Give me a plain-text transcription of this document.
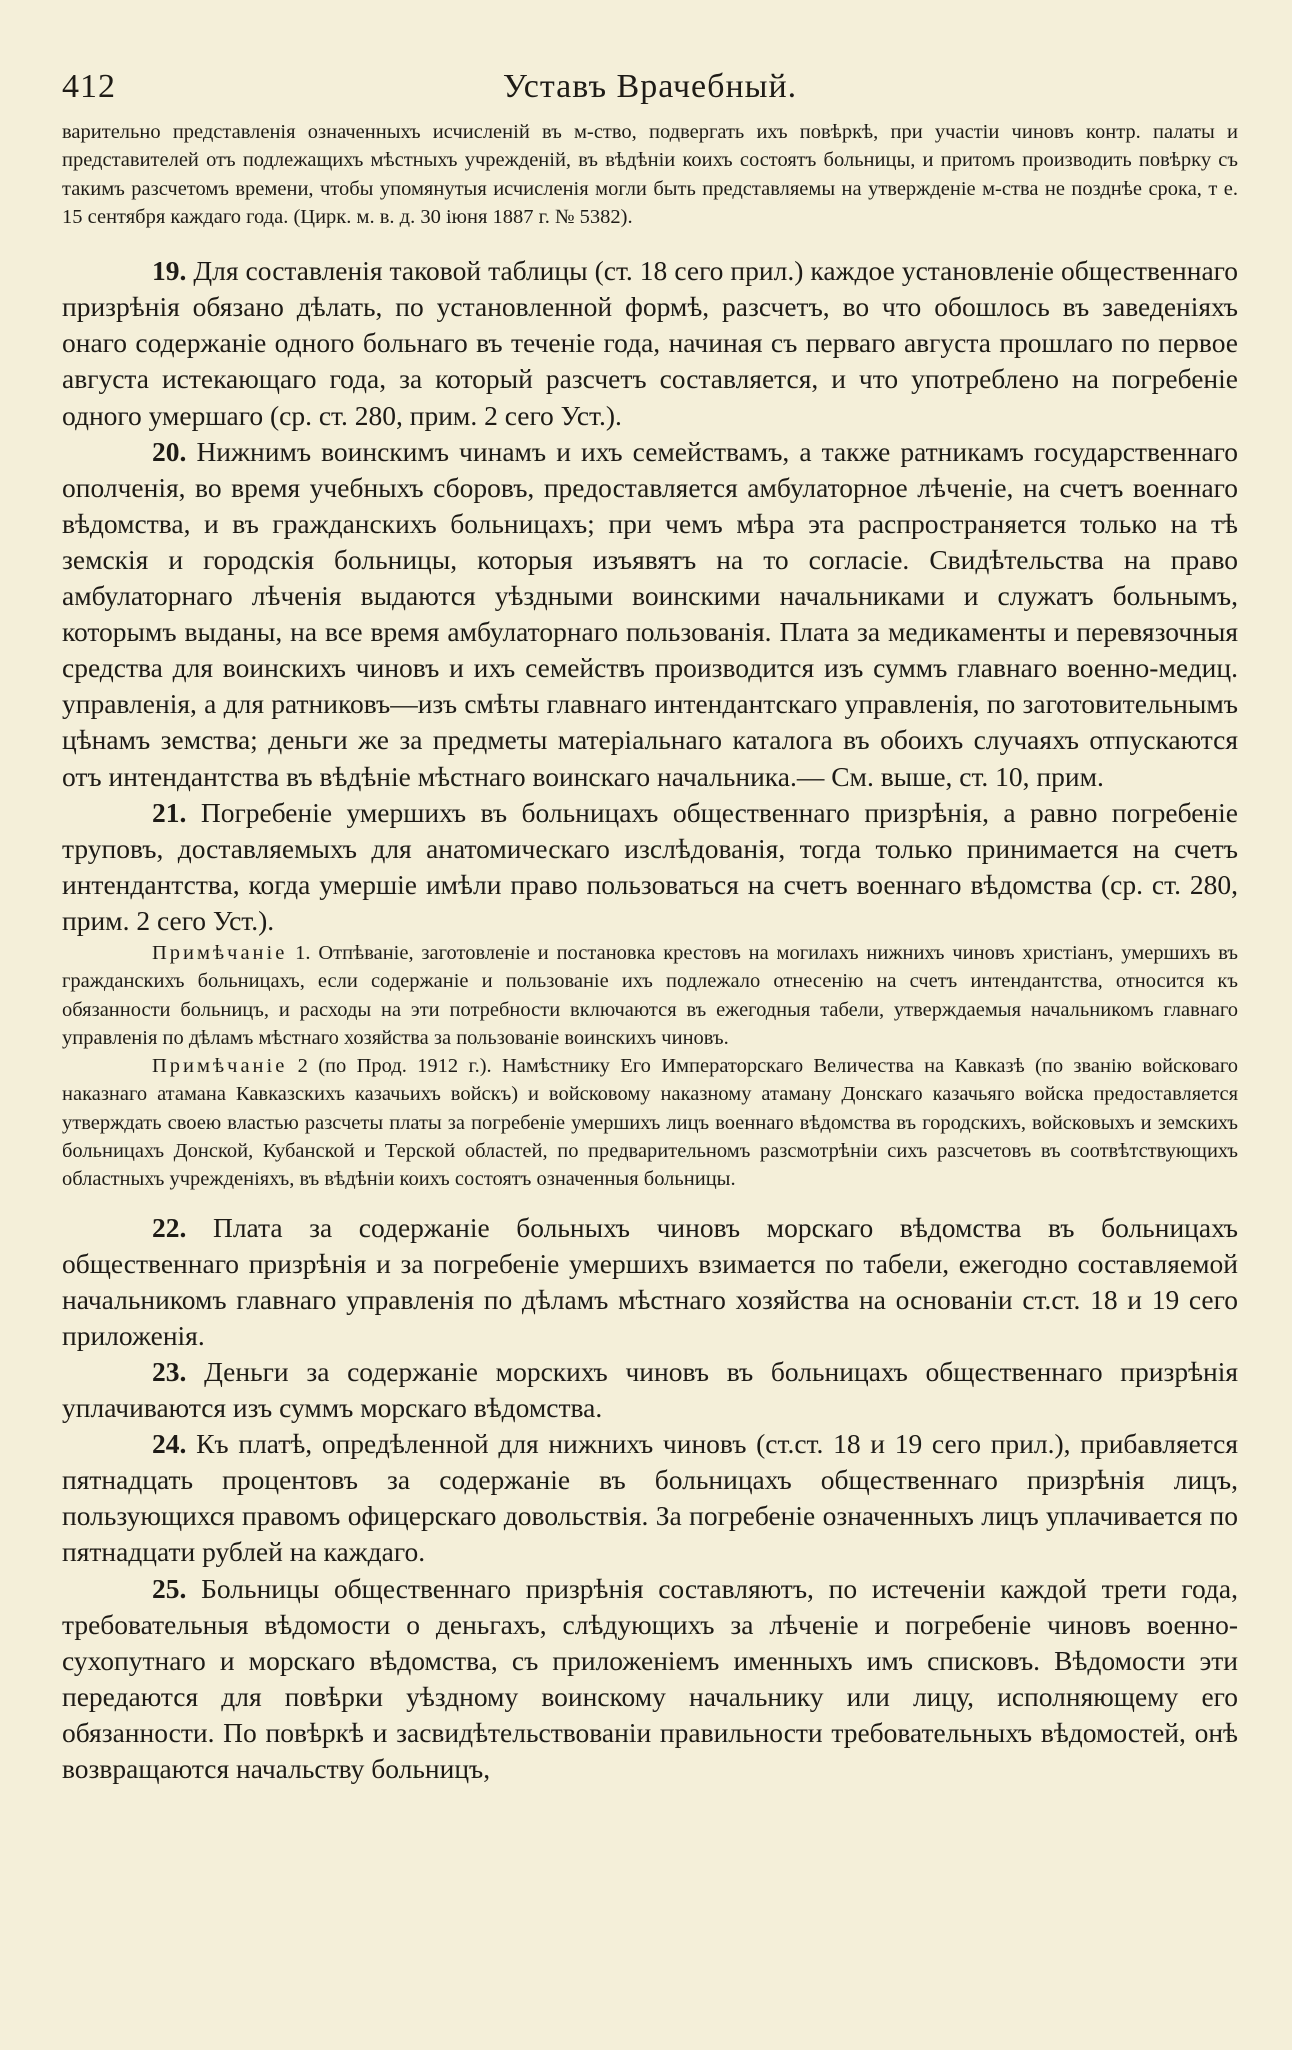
412	Уставъ Врачебный.

варительно представленія означенныхъ исчисленій въ м-ство, подвергать ихъ повѣркѣ, при участіи чиновъ контр. палаты и представителей отъ подлежащихъ мѣстныхъ учрежденій, въ вѣдѣніи коихъ состоятъ больницы, и притомъ производить повѣрку съ такимъ разсчетомъ времени, чтобы упомянутыя исчисленія могли быть представляемы на утвержденіе м-ства не позднѣе срока, т е. 15 сентября каждаго года. (Цирк. м. в. д. 30 іюня 1887 г. № 5382).

19. Для составленія таковой таблицы (ст. 18 сего прил.) каждое установленіе общественнаго призрѣнія обязано дѣлать, по установленной формѣ, разсчетъ, во что обошлось въ заведеніяхъ онаго содержаніе одного больнаго въ теченіе года, начиная съ перваго августа прошлаго по первое августа истекающаго года, за который разсчетъ составляется, и что употреблено на погребеніе одного умершаго (ср. ст. 280, прим. 2 сего Уст.).

20. Нижнимъ воинскимъ чинамъ и ихъ семействамъ, а также ратникамъ государственнаго ополченія, во время учебныхъ сборовъ, предоставляется амбулаторное лѣченіе, на счетъ военнаго вѣдомства, и въ гражданскихъ больницахъ; при чемъ мѣра эта распространяется только на тѣ земскія и городскія больницы, которыя изъявятъ на то согласіе. Свидѣтельства на право амбулаторнаго лѣченія выдаются уѣздными воинскими начальниками и служатъ больнымъ, которымъ выданы, на все время амбулаторнаго пользованія. Плата за медикаменты и перевязочныя средства для воинскихъ чиновъ и ихъ семействъ производится изъ суммъ главнаго военно-медиц. управленія, а для ратниковъ—изъ смѣты главнаго интендантскаго управленія, по заготовительнымъ цѣнамъ земства; деньги же за предметы матеріальнаго каталога въ обоихъ случаяхъ отпускаются отъ интендантства въ вѣдѣніе мѣстнаго воинскаго начальника.— См. выше, ст. 10, прим.

21. Погребеніе умершихъ въ больницахъ общественнаго призрѣнія, а равно погребеніе труповъ, доставляемыхъ для анатомическаго изслѣдованія, тогда только принимается на счетъ интендантства, когда умершіе имѣли право пользоваться на счетъ военнаго вѣдомства (ср. ст. 280, прим. 2 сего Уст.).

Примѣчаніе 1. Отпѣваніе, заготовленіе и постановка крестовъ на могилахъ нижнихъ чиновъ христіанъ, умершихъ въ гражданскихъ больницахъ, если содержаніе и пользованіе ихъ подлежало отнесенію на счетъ интендантства, относится къ обязанности больницъ, и расходы на эти потребности включаются въ ежегодныя табели, утверждаемыя начальникомъ главнаго управленія по дѣламъ мѣстнаго хозяйства за пользованіе воинскихъ чиновъ.

Примѣчаніе 2 (по Прод. 1912 г.). Намѣстнику Его Императорскаго Величества на Кавказѣ (по званію войсковаго наказнаго атамана Кавказскихъ казачьихъ войскъ) и войсковому наказному атаману Донскаго казачьяго войска предоставляется утверждать своею властью разсчеты платы за погребеніе умершихъ лицъ военнаго вѣдомства въ городскихъ, войсковыхъ и земскихъ больницахъ Донской, Кубанской и Терской областей, по предварительномъ разсмотрѣніи сихъ разсчетовъ въ соотвѣтствующихъ областныхъ учрежденіяхъ, въ вѣдѣніи коихъ состоятъ означенныя больницы.

22. Плата за содержаніе больныхъ чиновъ морскаго вѣдомства въ больницахъ общественнаго призрѣнія и за погребеніе умершихъ взимается по табели, ежегодно составляемой начальникомъ главнаго управленія по дѣламъ мѣстнаго хозяйства на основаніи ст.ст. 18 и 19 сего приложенія.

23. Деньги за содержаніе морскихъ чиновъ въ больницахъ общественнаго призрѣнія уплачиваются изъ суммъ морскаго вѣдомства.

24. Къ платѣ, опредѣленной для нижнихъ чиновъ (ст.ст. 18 и 19 сего прил.), прибавляется пятнадцать процентовъ за содержаніе въ больницахъ общественнаго призрѣнія лицъ, пользующихся правомъ офицерскаго довольствія. За погребеніе означенныхъ лицъ уплачивается по пятнадцати рублей на каждаго.

25. Больницы общественнаго призрѣнія составляютъ, по истеченіи каждой трети года, требовательныя вѣдомости о деньгахъ, слѣдующихъ за лѣченіе и погребеніе чиновъ военно-сухопутнаго и морскаго вѣдомства, съ приложеніемъ именныхъ имъ списковъ. Вѣдомости эти передаются для повѣрки уѣздному воинскому начальнику или лицу, исполняющему его обязанности. По повѣркѣ и засвидѣтельствованіи правильности требовательныхъ вѣдомостей, онѣ возвращаются начальству больницъ,
